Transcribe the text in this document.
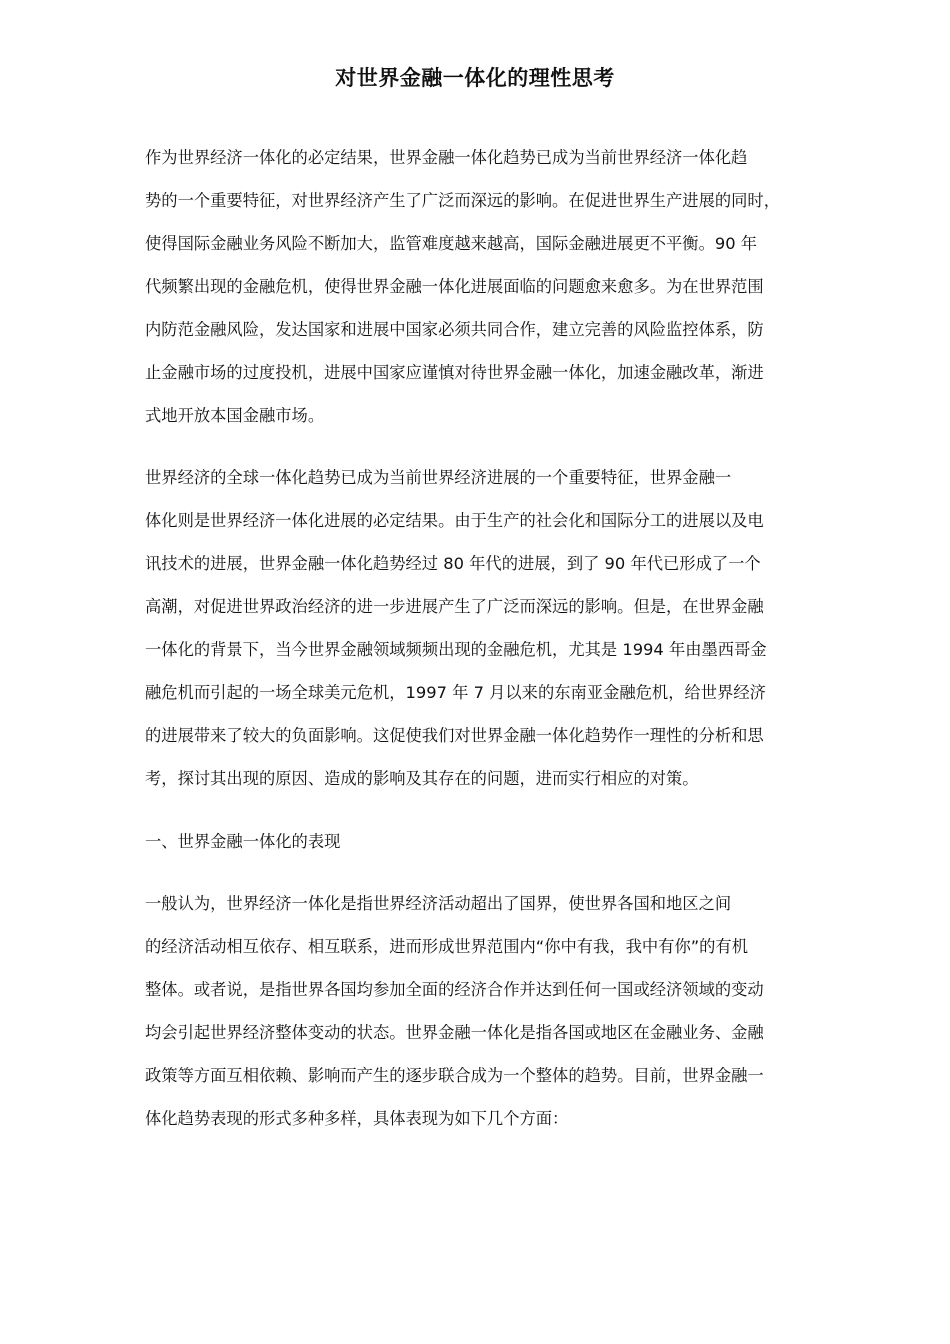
对世界金融一体化的理性思考
作为世界经济一体化的必定结果，世界金融一体化趋势已成为当前世界经济一体化趋
势的一个重要特征，对世界经济产生了广泛而深远的影响。在促进世界生产进展的同时，
使得国际金融业务风险不断加大，监管难度越来越高，国际金融进展更不平衡。90 年
代频繁出现的金融危机，使得世界金融一体化进展面临的问题愈来愈多。为在世界范围
内防范金融风险，发达国家和进展中国家必须共同合作，建立完善的风险监控体系，防
止金融市场的过度投机，进展中国家应谨慎对待世界金融一体化，加速金融改革，渐进
式地开放本国金融市场。
世界经济的全球一体化趋势已成为当前世界经济进展的一个重要特征，世界金融一
体化则是世界经济一体化进展的必定结果。由于生产的社会化和国际分工的进展以及电
讯技术的进展，世界金融一体化趋势经过 80 年代的进展，到了 90 年代已形成了一个
高潮，对促进世界政治经济的进一步进展产生了广泛而深远的影响。但是，在世界金融
一体化的背景下，当今世界金融领域频频出现的金融危机，尤其是 1994 年由墨西哥金
融危机而引起的一场全球美元危机，1997 年 7 月以来的东南亚金融危机，给世界经济
的进展带来了较大的负面影响。这促使我们对世界金融一体化趋势作一理性的分析和思
考，探讨其出现的原因、造成的影响及其存在的问题，进而实行相应的对策。
一、世界金融一体化的表现
一般认为，世界经济一体化是指世界经济活动超出了国界，使世界各国和地区之间
的经济活动相互依存、相互联系，进而形成世界范围内“你中有我，我中有你”的有机
整体。或者说，是指世界各国均参加全面的经济合作并达到任何一国或经济领域的变动
均会引起世界经济整体变动的状态。世界金融一体化是指各国或地区在金融业务、金融
政策等方面互相依赖、影响而产生的逐步联合成为一个整体的趋势。目前，世界金融一
体化趋势表现的形式多种多样，具体表现为如下几个方面：
